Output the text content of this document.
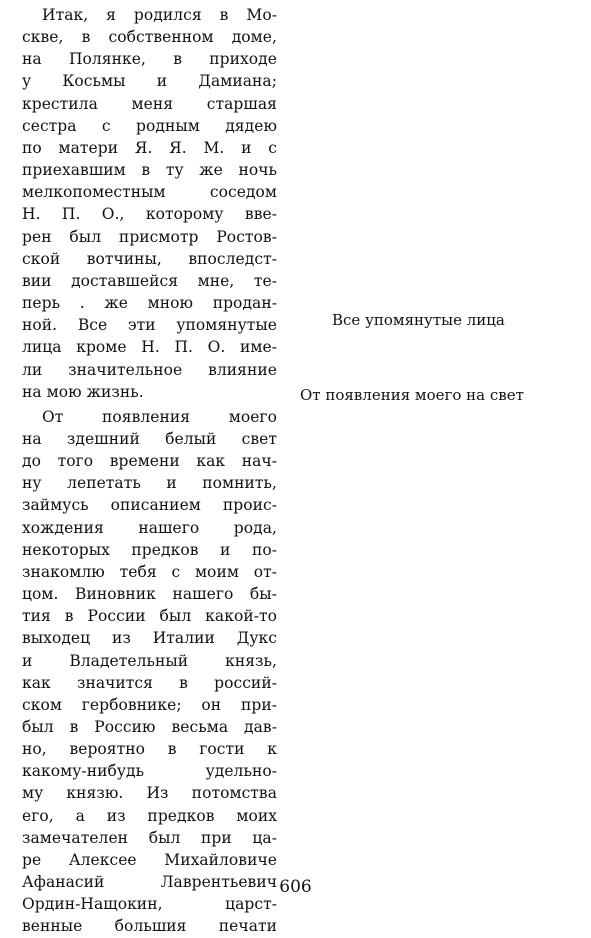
Итак, я родился в Мо-
скве, в собственном доме,
на Полянке, в приходе
у Косьмы и Дамиана;
крестила меня старшая
сестра с родным дядею
по матери Я. Я. М. и с
приехавшим в ту же ночь
мелкопоместным соседом
Н. П. О., которому вве-
рен был присмотр Ростов-
ской вотчины, впоследст-
вии доставшейся мне, те-
перь . же мною продан-
ной. Все эти упомянутые
лица кроме Н. П. О. име-
ли значительное влияние
на мою жизнь.
От появления моего
на здешний белый свет
до того времени как нач-
ну лепетать и помнить,
займусь описанием проис-
хождения нашего рода,
некоторых предков и по-
знакомлю тебя с моим от-
цом. Виновник нашего бы-
тия в России был какой-то
выходец из Италии Дукс
и Владетельный князь,
как значится в россий-
ском гербовнике; он при-
был в Россию весьма дав-
но, вероятно в гости к
какому-нибудь удельно-
му князю. Из потомства
его, а из предков моих
замечателен был при ца-
ре Алексее Михайловиче
Афанасий Лаврентьевич
Ордин-Нащокин, царст-
венные большия печати
Все упомянутые лица
От появления моего на свет
606
